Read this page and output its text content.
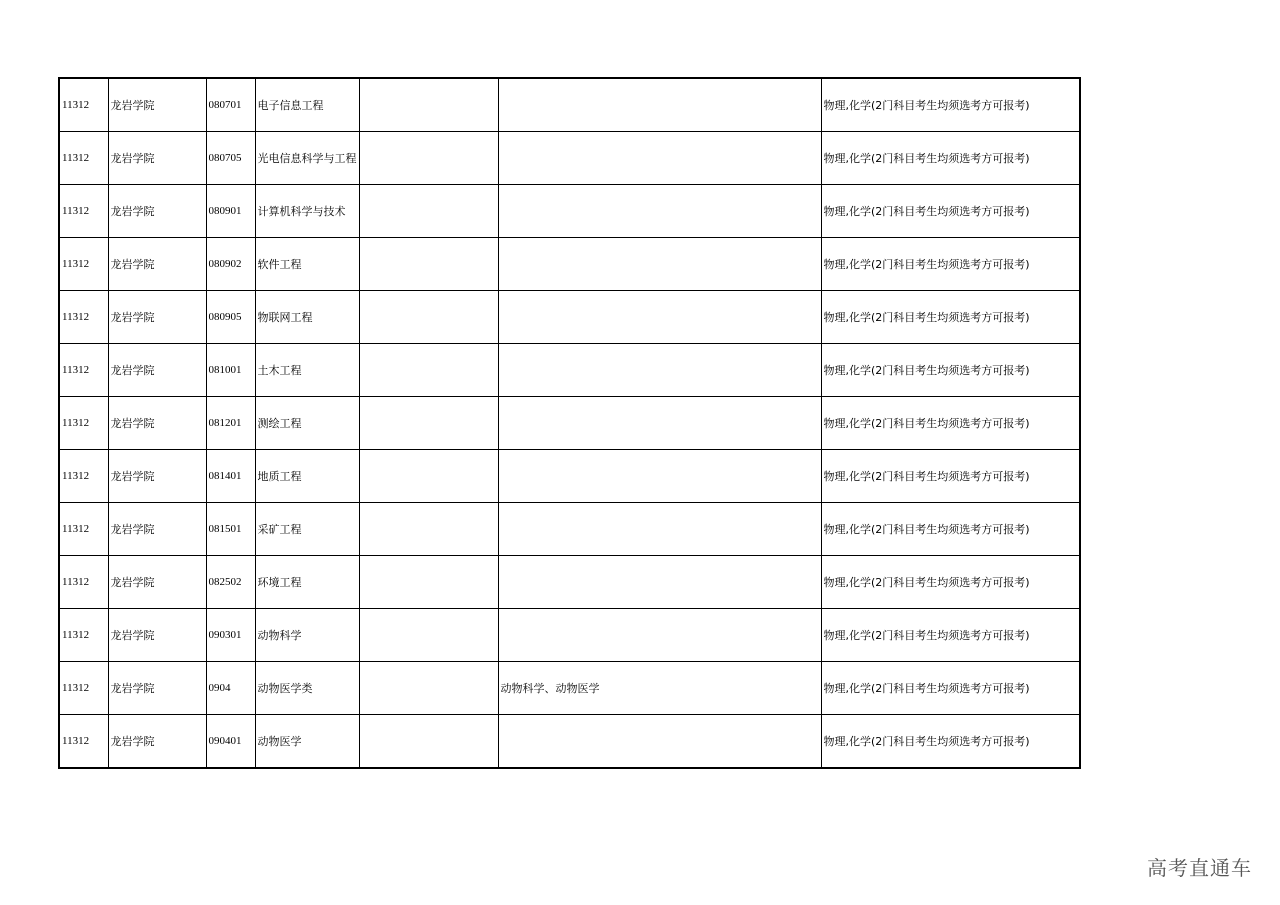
11312	龙岩学院	080701	电子信息工程			物理,化学(2门科目考生均须选考方可报考)
11312	龙岩学院	080705	光电信息科学与工程			物理,化学(2门科目考生均须选考方可报考)
11312	龙岩学院	080901	计算机科学与技术			物理,化学(2门科目考生均须选考方可报考)
11312	龙岩学院	080902	软件工程			物理,化学(2门科目考生均须选考方可报考)
11312	龙岩学院	080905	物联网工程			物理,化学(2门科目考生均须选考方可报考)
11312	龙岩学院	081001	土木工程			物理,化学(2门科目考生均须选考方可报考)
11312	龙岩学院	081201	测绘工程			物理,化学(2门科目考生均须选考方可报考)
11312	龙岩学院	081401	地质工程			物理,化学(2门科目考生均须选考方可报考)
11312	龙岩学院	081501	采矿工程			物理,化学(2门科目考生均须选考方可报考)
11312	龙岩学院	082502	环境工程			物理,化学(2门科目考生均须选考方可报考)
11312	龙岩学院	090301	动物科学			物理,化学(2门科目考生均须选考方可报考)
11312	龙岩学院	0904	动物医学类		动物科学、动物医学	物理,化学(2门科目考生均须选考方可报考)
11312	龙岩学院	090401	动物医学			物理,化学(2门科目考生均须选考方可报考)
高考直通车
